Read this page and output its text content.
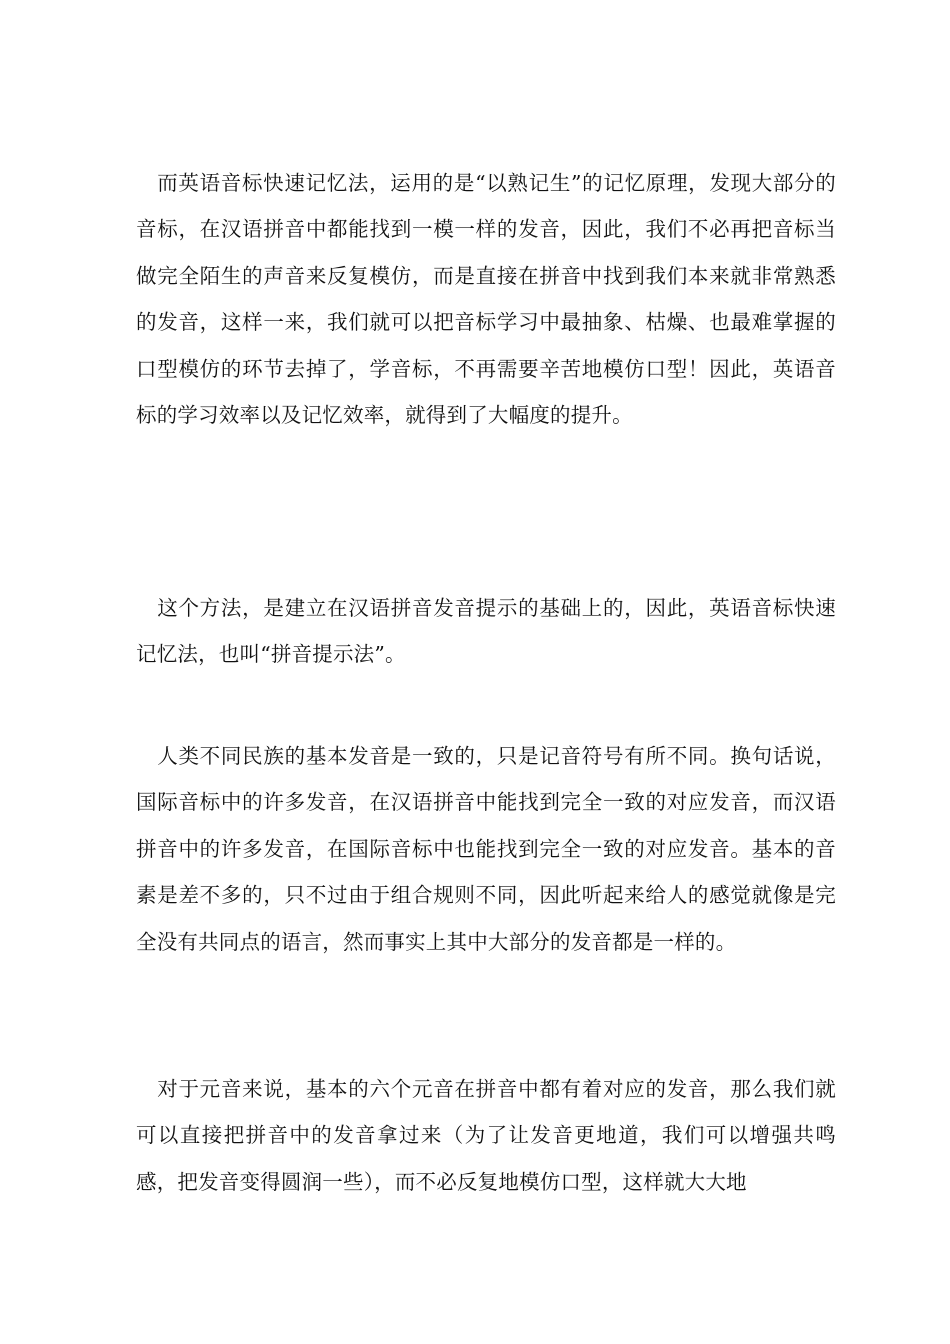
　而英语音标快速记忆法，运用的是“以熟记生”的记忆原理，发现大部分的音标，在汉语拼音中都能找到一模一样的发音，因此，我们不必再把音标当做完全陌生的声音来反复模仿，而是直接在拼音中找到我们本来就非常熟悉的发音，这样一来，我们就可以把音标学习中最抽象、枯燥、也最难掌握的口型模仿的环节去掉了，学音标，不再需要辛苦地模仿口型！因此，英语音标的学习效率以及记忆效率，就得到了大幅度的提升。

　这个方法，是建立在汉语拼音发音提示的基础上的，因此，英语音标快速记忆法，也叫“拼音提示法”。

　人类不同民族的基本发音是一致的，只是记音符号有所不同。换句话说，国际音标中的许多发音，在汉语拼音中能找到完全一致的对应发音，而汉语拼音中的许多发音，在国际音标中也能找到完全一致的对应发音。基本的音素是差不多的，只不过由于组合规则不同，因此听起来给人的感觉就像是完全没有共同点的语言，然而事实上其中大部分的发音都是一样的。

　对于元音来说，基本的六个元音在拼音中都有着对应的发音，那么我们就可以直接把拼音中的发音拿过来（为了让发音更地道，我们可以增强共鸣感，把发音变得圆润一些），而不必反复地模仿口型，这样就大大地
